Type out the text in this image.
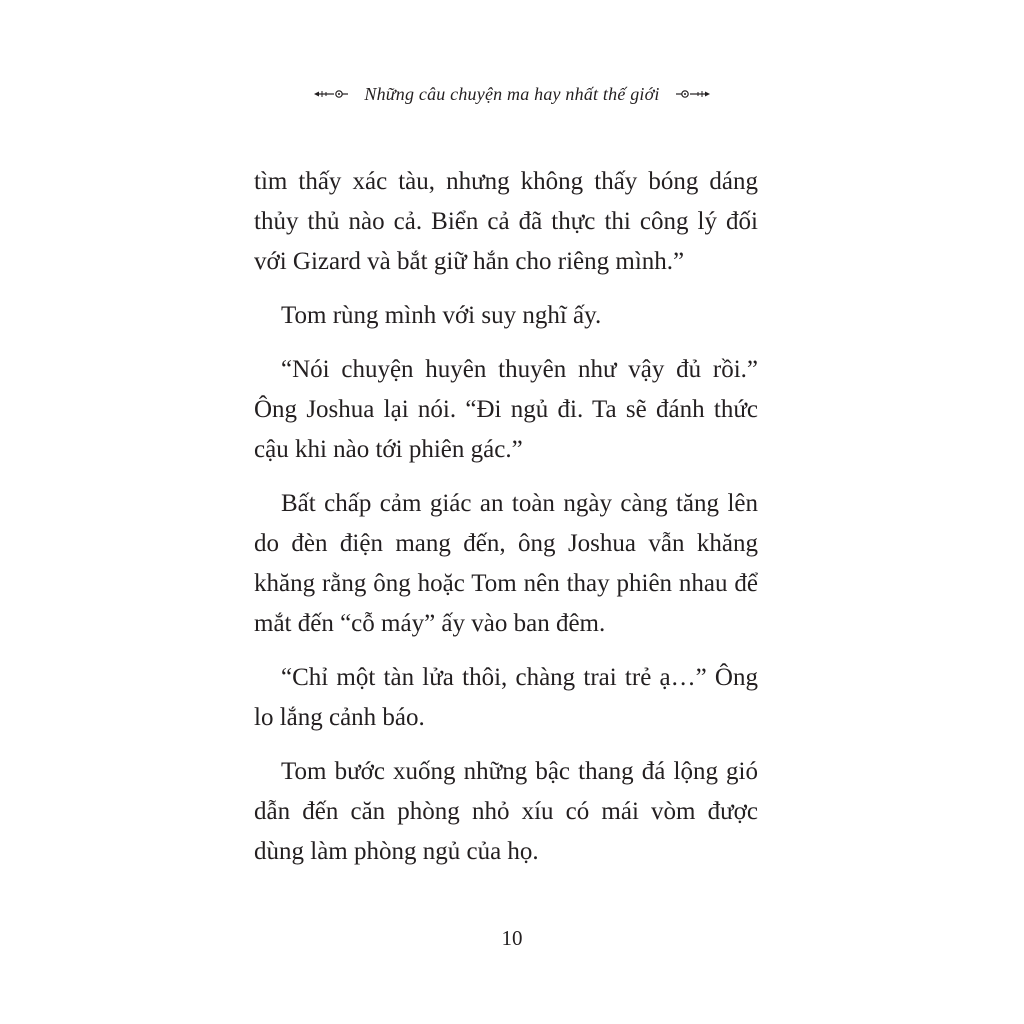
Những câu chuyện ma hay nhất thế giới

tìm thấy xác tàu, nhưng không thấy bóng dáng thủy thủ nào cả. Biển cả đã thực thi công lý đối với Gizard và bắt giữ hắn cho riêng mình.”

Tom rùng mình với suy nghĩ ấy.

“Nói chuyện huyên thuyên như vậy đủ rồi.” Ông Joshua lại nói. “Đi ngủ đi. Ta sẽ đánh thức cậu khi nào tới phiên gác.”

Bất chấp cảm giác an toàn ngày càng tăng lên do đèn điện mang đến, ông Joshua vẫn khăng khăng rằng ông hoặc Tom nên thay phiên nhau để mắt đến “cỗ máy” ấy vào ban đêm.

“Chỉ một tàn lửa thôi, chàng trai trẻ ạ…” Ông lo lắng cảnh báo.

Tom bước xuống những bậc thang đá lộng gió dẫn đến căn phòng nhỏ xíu có mái vòm được dùng làm phòng ngủ của họ.

10
